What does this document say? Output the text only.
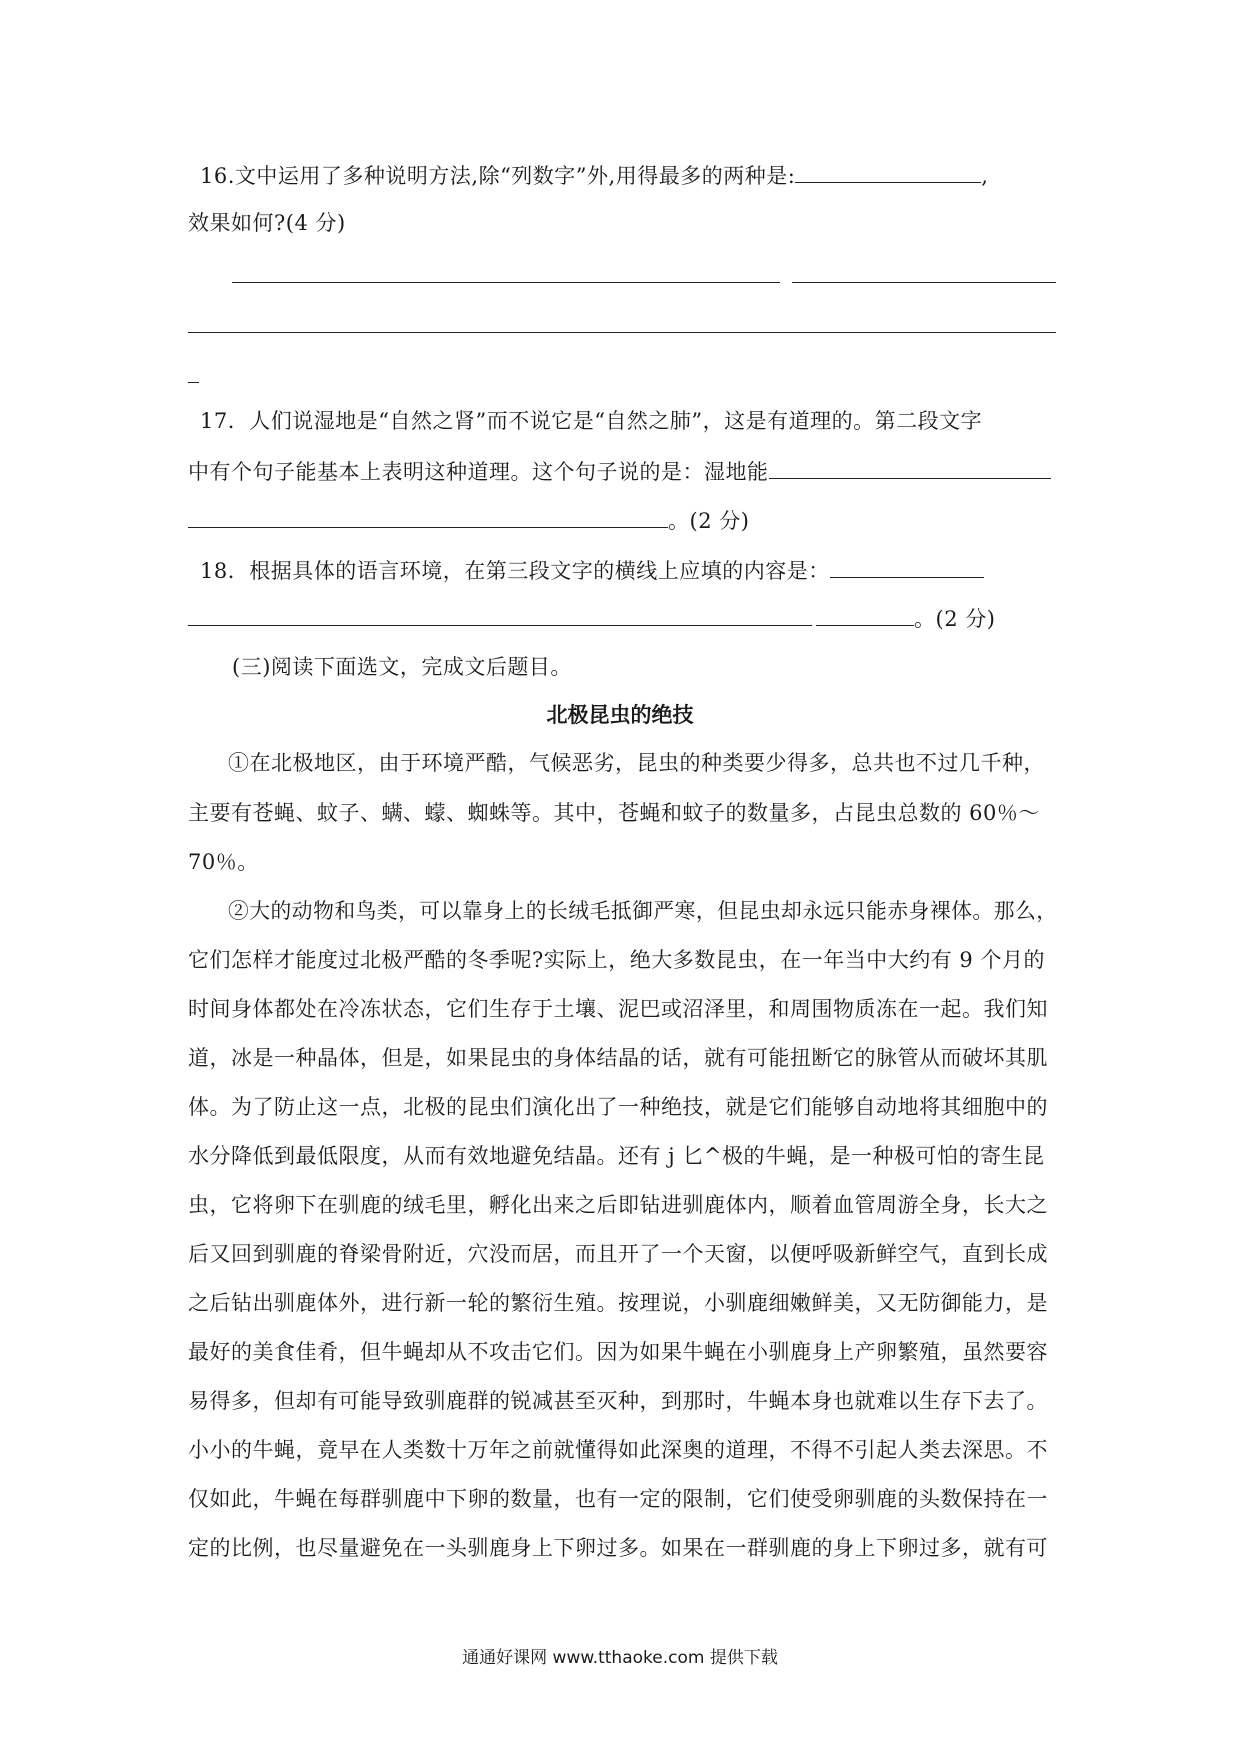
16.文中运用了多种说明方法,除“列数字”外,用得最多的两种是:	,
效果如何?(4 分)
17．人们说湿地是“自然之肾”而不说它是“自然之肺”，这是有道理的。第二段文字
中有个句子能基本上表明这种道理。这个句子说的是：湿地能
。(2 分)
18．根据具体的语言环境，在第三段文字的横线上应填的内容是：
。(2 分)
(三)阅读下面选文，完成文后题目。
北极昆虫的绝技
①在北极地区，由于环境严酷，气候恶劣，昆虫的种类要少得多，总共也不过几千种，
主要有苍蝇、蚊子、螨、蠓、蜘蛛等。其中，苍蝇和蚊子的数量多，占昆虫总数的 60％～
70％。
②大的动物和鸟类，可以靠身上的长绒毛抵御严寒，但昆虫却永远只能赤身裸体。那么，
它们怎样才能度过北极严酷的冬季呢?实际上，绝大多数昆虫，在一年当中大约有 9 个月的
时间身体都处在冷冻状态，它们生存于土壤、泥巴或沼泽里，和周围物质冻在一起。我们知
道，冰是一种晶体，但是，如果昆虫的身体结晶的话，就有可能扭断它的脉管从而破坏其肌
体。为了防止这一点，北极的昆虫们演化出了一种绝技，就是它们能够自动地将其细胞中的
水分降低到最低限度，从而有效地避免结晶。还有 j 匕^极的牛蝇，是一种极可怕的寄生昆
虫，它将卵下在驯鹿的绒毛里，孵化出来之后即钻进驯鹿体内，顺着血管周游全身，长大之
后又回到驯鹿的脊梁骨附近，穴没而居，而且开了一个天窗，以便呼吸新鲜空气，直到长成
之后钻出驯鹿体外，进行新一轮的繁衍生殖。按理说，小驯鹿细嫩鲜美，又无防御能力，是
最好的美食佳肴，但牛蝇却从不攻击它们。因为如果牛蝇在小驯鹿身上产卵繁殖，虽然要容
易得多，但却有可能导致驯鹿群的锐减甚至灭种，到那时，牛蝇本身也就难以生存下去了。
小小的牛蝇，竟早在人类数十万年之前就懂得如此深奥的道理，不得不引起人类去深思。不
仅如此，牛蝇在每群驯鹿中下卵的数量，也有一定的限制，它们使受卵驯鹿的头数保持在一
定的比例，也尽量避免在一头驯鹿身上下卵过多。如果在一群驯鹿的身上下卵过多，就有可
通通好课网 www.tthaoke.com 提供下载
